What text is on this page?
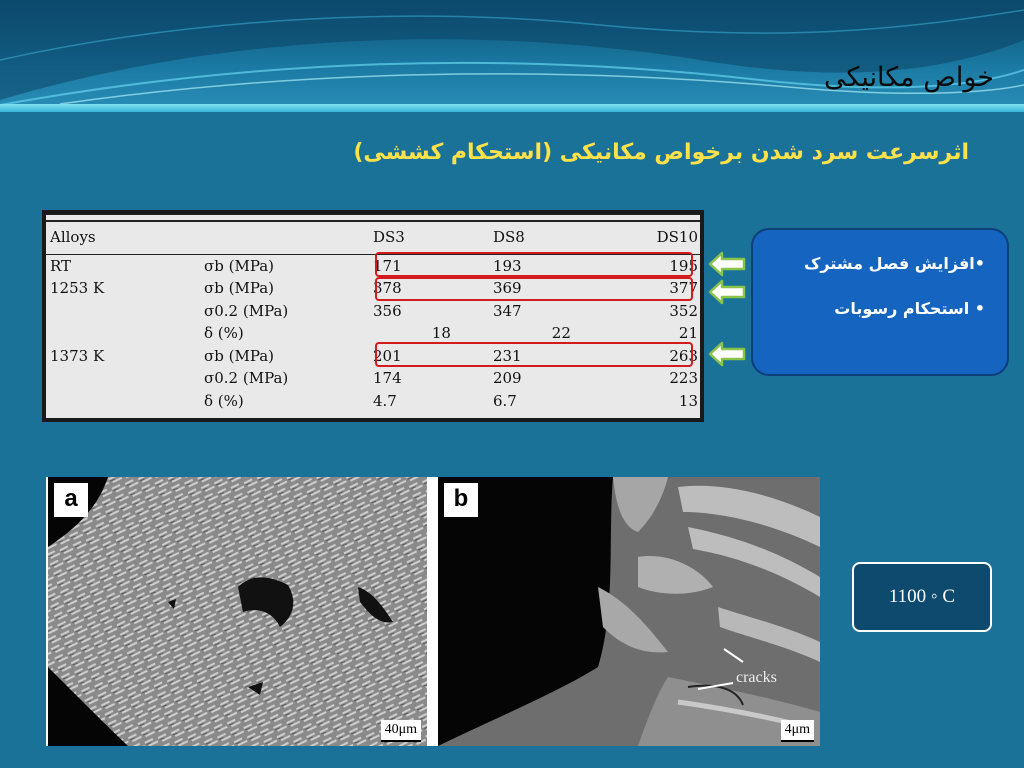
خواص مکانیکی
اثرسرعت سرد شدن برخواص مکانیکی (استحکام کششی)
Alloys		DS3	DS8	DS10
RT	σb (MPa)	171	193	195
1253 K	σb (MPa)	378	369	377
	σ0.2 (MPa)	356	347	352
	δ (%)	18	22	21
1373 K	σb (MPa)	201	231	263
	σ0.2 (MPa)	174	209	223
	δ (%)	4.7	6.7	13
•افزایش فصل مشترک
• استحکام رسوبات
a
40μm
b
cracks
4μm
1100 ◦ C
